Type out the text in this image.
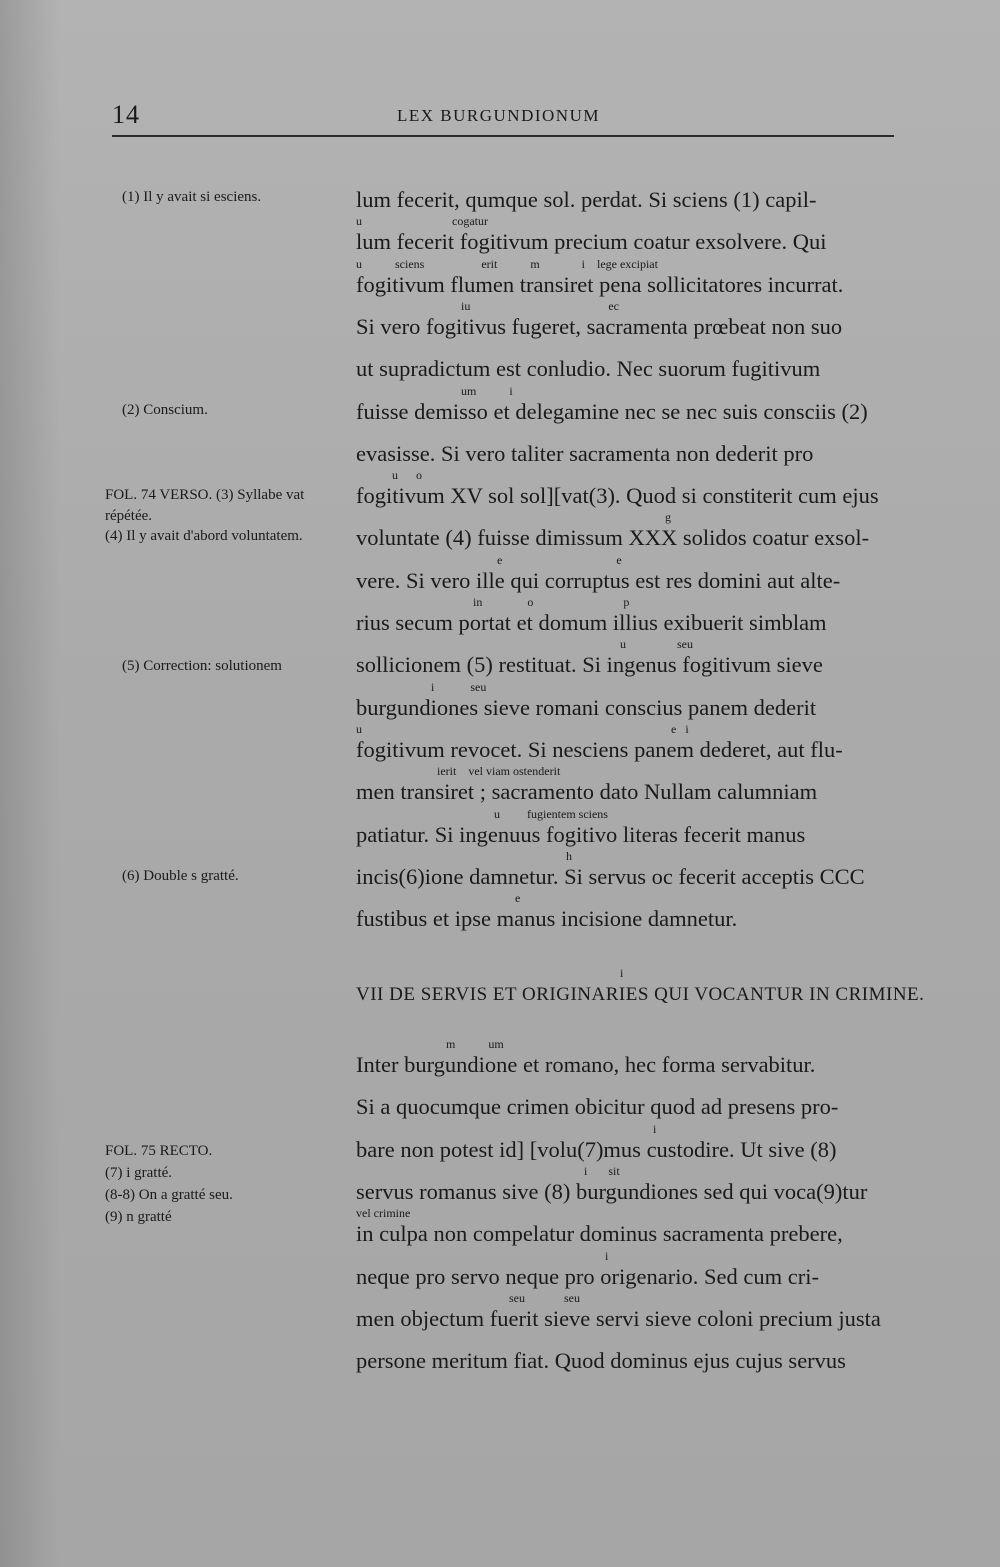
14	LEX BURGUNDIONUM
(1) Il y avait si esciens.
(2) Conscium.
FOL. 74 VERSO. (3) Syllabe vat répétée.
(4) Il y avait d'abord voluntatem.
(5) Correction: solutionem
(6) Double s gratté.
FOL. 75 RECTO.
(7) i gratté.
(8-8) On a gratté seu.
(9) n gratté
lum fecerit, qumque sol. perdat. Si sciens (1) capil-
lum fecerit fogitivum precium coatur exsolvere. Qui
fogitivum flumen transiret pena sollicitatores incurrat.
Si vero fogitivus fugeret, sacramenta prœbeat non suo
ut supradictum est conludio. Nec suorum fugitivum
fuisse demisso et delegamine nec se nec suis consciis (2)
evasisse. Si vero taliter sacramenta non dederit pro
fogitivum XV sol sol][vat(3). Quod si constiterit cum ejus
voluntate (4) fuisse dimissum XXX solidos coatur exsol-
vere. Si vero ille qui corruptus est res domini aut alte-
rius secum portat et domum illius exibuerit simblam
sollicionem (5) restituat. Si ingenus fogitivum sieve
burgundiones sieve romani conscius panem dederit
fogitivum revocet. Si nesciens panem dederet, aut flu-
men transiret ; sacramento dato Nullam calumniam
patiatur. Si ingenuus fogitivo literas fecerit manus
incis(6)ione damnetur. Si servus oc fecerit acceptis CCC
fustibus et ipse manus incisione damnetur.
u                              cogatur
u           sciens                   erit           m              i    lege excipiat
iu                                              ec
um           i
u      o
g
e                                      e
in               o                              p
u                 seu
i            seu
u                                                                                                       e   i
ierit    vel viam ostenderit
u         fugientem sciens
h
e
i
VII DE SERVIS ET ORIGINARIES QUI VOCANTUR IN CRIMINE.
Inter burgundione et romano, hec forma servabitur.
Si a quocumque crimen obicitur quod ad presens pro-
bare non potest id] [volu(7)mus custodire. Ut sive (8)
servus romanus sive (8) burgundiones sed qui voca(9)tur
in culpa non compelatur dominus sacramenta prebere,
neque pro servo neque pro origenario. Sed cum cri-
men objectum fuerit sieve servi sieve coloni precium justa
persone meritum fiat. Quod dominus ejus cujus servus
m           um
i
i       sit
vel crimine
i
seu             seu
